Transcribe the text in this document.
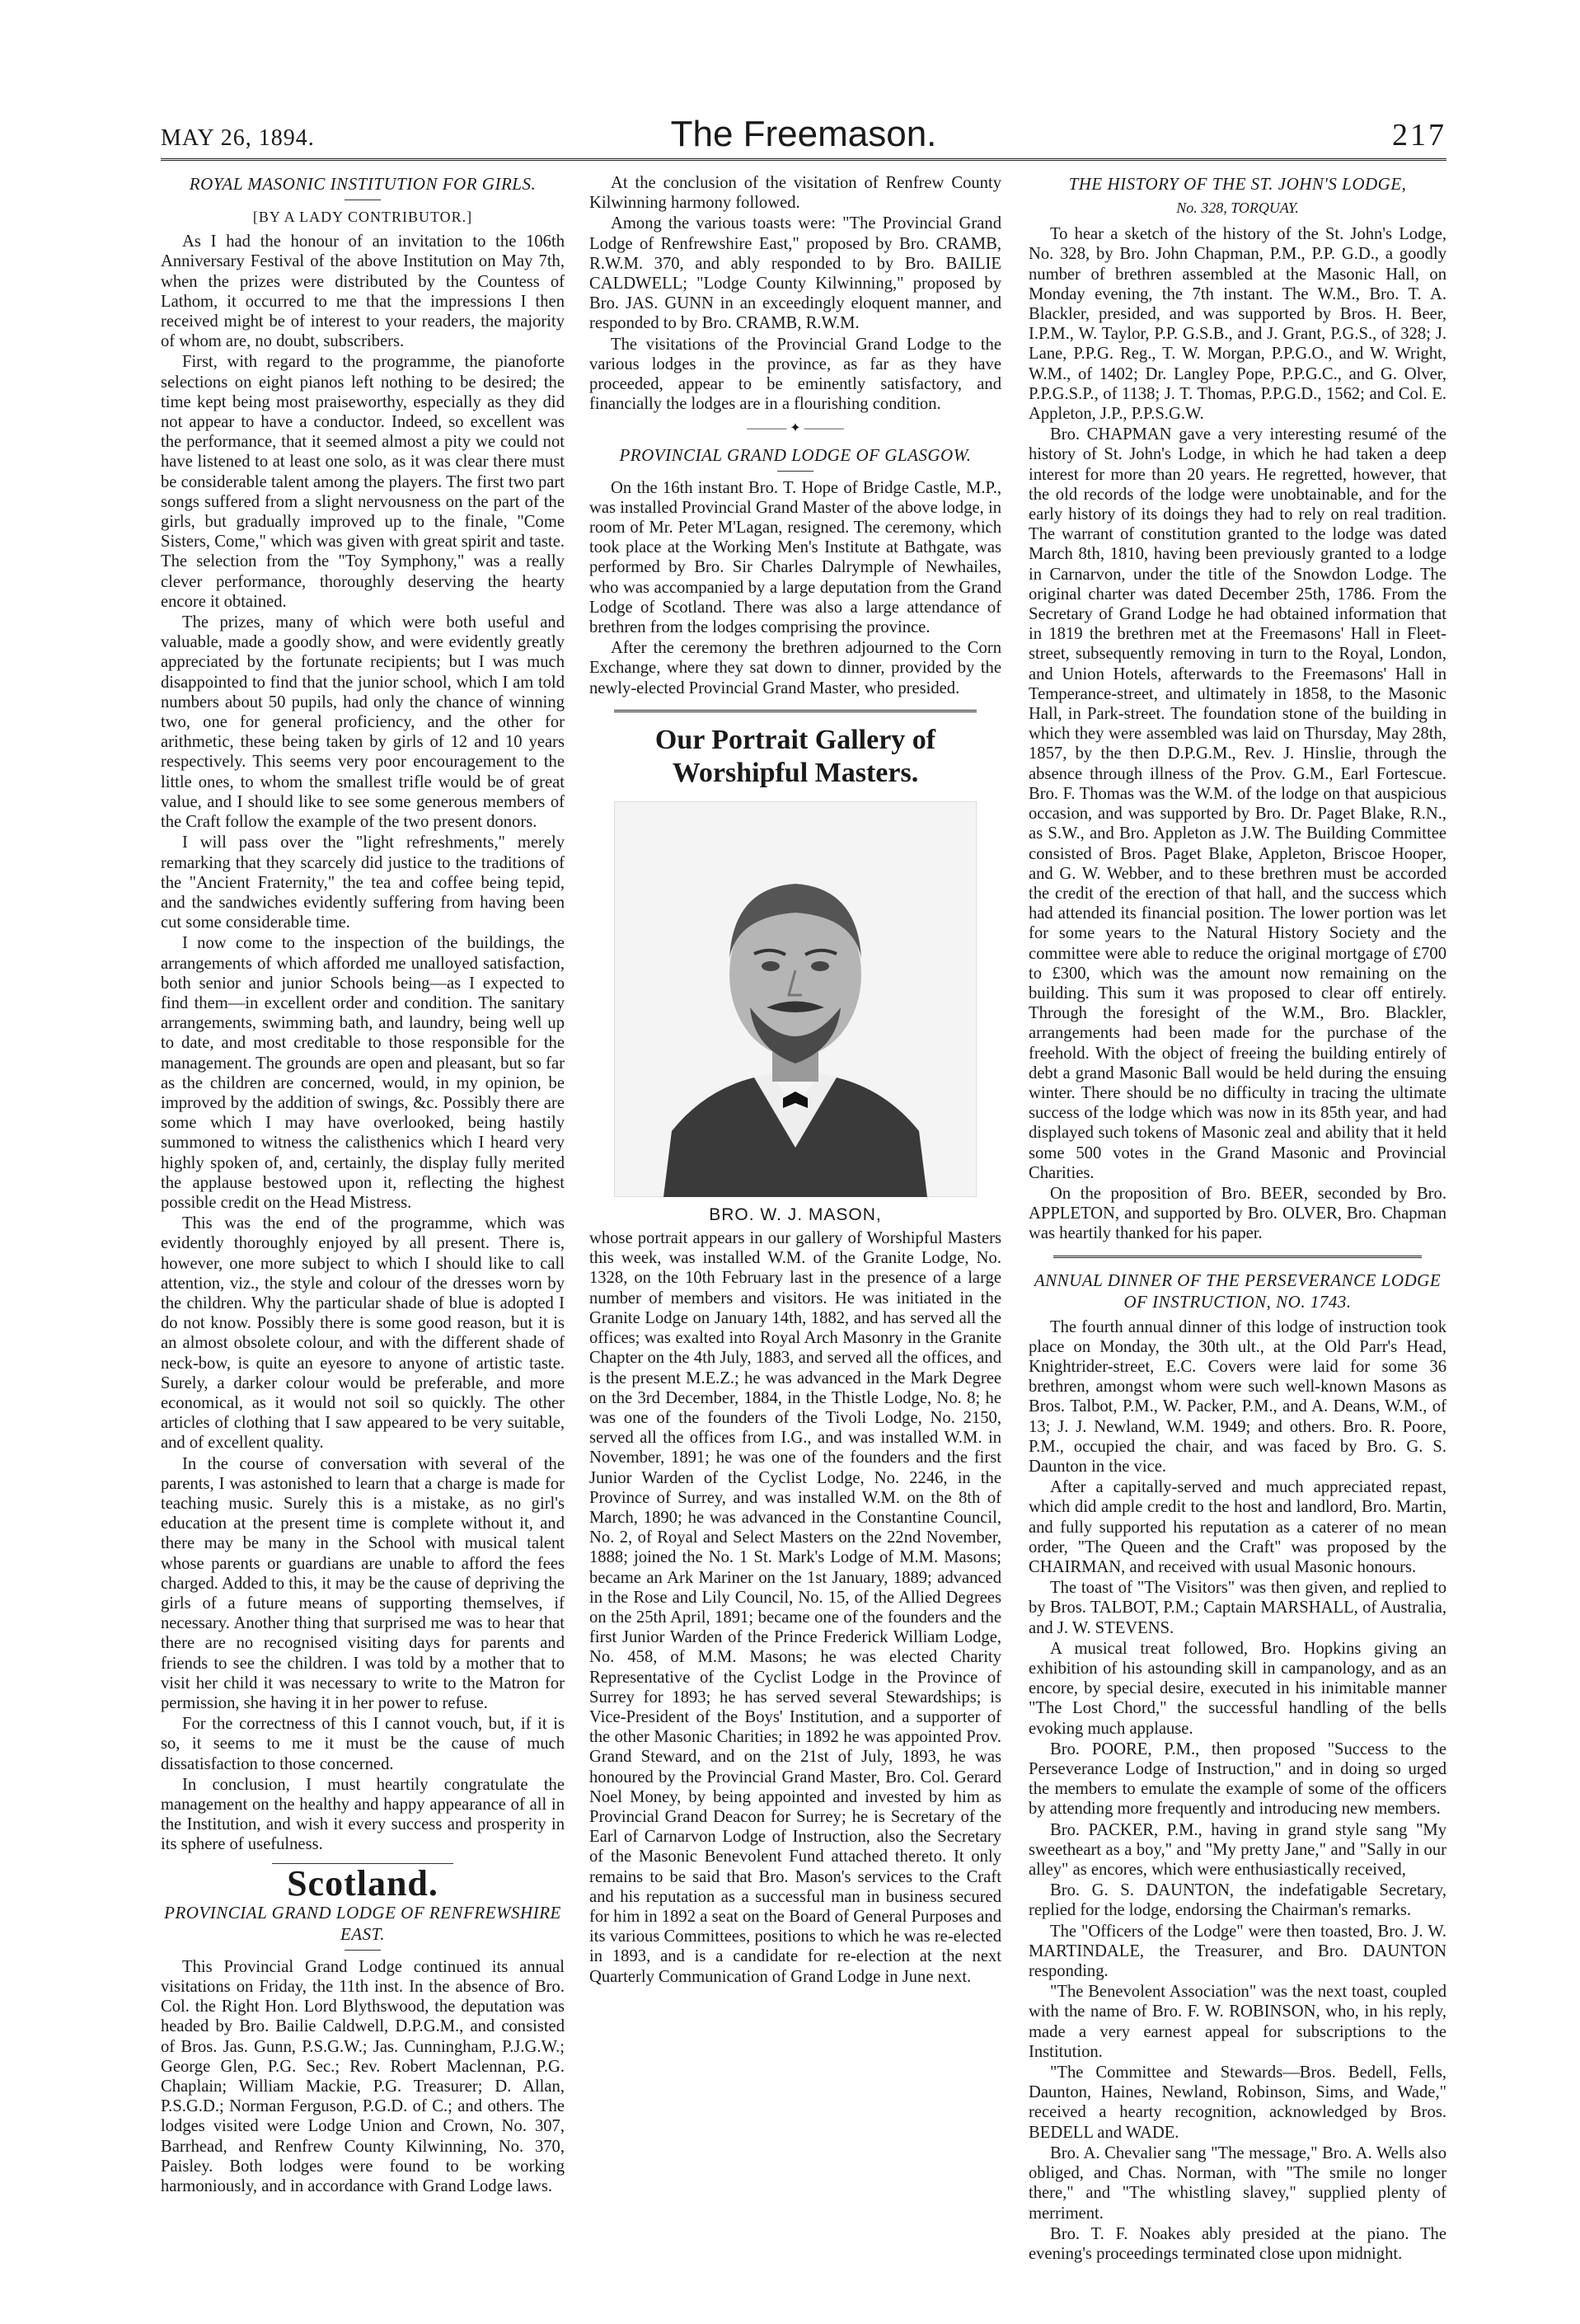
MAY 26, 1894.	The Freemason.	217
ROYAL MASONIC INSTITUTION FOR GIRLS.
[BY A LADY CONTRIBUTOR.]

As I had the honour of an invitation to the 106th Anniversary Festival of the above Institution on May 7th, when the prizes were distributed by the Countess of Lathom, it occurred to me that the impressions I then received might be of interest to your readers, the majority of whom are, no doubt, subscribers.

First, with regard to the programme, the pianoforte selections on eight pianos left nothing to be desired; the time kept being most praiseworthy, especially as they did not appear to have a conductor. Indeed, so excellent was the performance, that it seemed almost a pity we could not have listened to at least one solo, as it was clear there must be considerable talent among the players. The first two part songs suffered from a slight nervousness on the part of the girls, but gradually improved up to the finale, "Come Sisters, Come," which was given with great spirit and taste. The selection from the "Toy Symphony," was a really clever performance, thoroughly deserving the hearty encore it obtained.

The prizes, many of which were both useful and valuable, made a goodly show, and were evidently greatly appreciated by the fortunate recipients; but I was much disappointed to find that the junior school, which I am told numbers about 50 pupils, had only the chance of winning two, one for general proficiency, and the other for arithmetic, these being taken by girls of 12 and 10 years respectively. This seems very poor encouragement to the little ones, to whom the smallest trifle would be of great value, and I should like to see some generous members of the Craft follow the example of the two present donors.

I will pass over the "light refreshments," merely remarking that they scarcely did justice to the traditions of the "Ancient Fraternity," the tea and coffee being tepid, and the sandwiches evidently suffering from having been cut some considerable time.

I now come to the inspection of the buildings, the arrangements of which afforded me unalloyed satisfaction, both senior and junior Schools being—as I expected to find them—in excellent order and condition. The sanitary arrangements, swimming bath, and laundry, being well up to date, and most creditable to those responsible for the management. The grounds are open and pleasant, but so far as the children are concerned, would, in my opinion, be improved by the addition of swings, &c. Possibly there are some which I may have overlooked, being hastily summoned to witness the calisthenics which I heard very highly spoken of, and, certainly, the display fully merited the applause bestowed upon it, reflecting the highest possible credit on the Head Mistress.

This was the end of the programme, which was evidently thoroughly enjoyed by all present. There is, however, one more subject to which I should like to call attention, viz., the style and colour of the dresses worn by the children. Why the particular shade of blue is adopted I do not know. Possibly there is some good reason, but it is an almost obsolete colour, and with the different shade of neck-bow, is quite an eyesore to anyone of artistic taste. Surely, a darker colour would be preferable, and more economical, as it would not soil so quickly. The other articles of clothing that I saw appeared to be very suitable, and of excellent quality.

In the course of conversation with several of the parents, I was astonished to learn that a charge is made for teaching music. Surely this is a mistake, as no girl's education at the present time is complete without it, and there may be many in the School with musical talent whose parents or guardians are unable to afford the fees charged. Added to this, it may be the cause of depriving the girls of a future means of supporting themselves, if necessary. Another thing that surprised me was to hear that there are no recognised visiting days for parents and friends to see the children. I was told by a mother that to visit her child it was necessary to write to the Matron for permission, she having it in her power to refuse.

For the correctness of this I cannot vouch, but, if it is so, it seems to me it must be the cause of much dissatisfaction to those concerned.

In conclusion, I must heartily congratulate the management on the healthy and happy appearance of all in the Institution, and wish it every success and prosperity in its sphere of usefulness.

Scotland.
PROVINCIAL GRAND LODGE OF RENFREWSHIRE EAST.

This Provincial Grand Lodge continued its annual visitations on Friday, the 11th inst. In the absence of Bro. Col. the Right Hon. Lord Blythswood, the deputation was headed by Bro. Bailie Caldwell, D.P.G.M., and consisted of Bros. Jas. Gunn, P.S.G.W.; Jas. Cunningham, P.J.G.W.; George Glen, P.G. Sec.; Rev. Robert Maclennan, P.G. Chaplain; William Mackie, P.G. Treasurer; D. Allan, P.S.G.D.; Norman Ferguson, P.G.D. of C.; and others. The lodges visited were Lodge Union and Crown, No. 307, Barrhead, and Renfrew County Kilwinning, No. 370, Paisley. Both lodges were found to be working harmoniously, and in accordance with Grand Lodge laws.

At the conclusion of the visitation of Renfrew County Kilwinning harmony followed.

Among the various toasts were: "The Provincial Grand Lodge of Renfrewshire East," proposed by Bro. CRAMB, R.W.M. 370, and ably responded to by Bro. BAILIE CALDWELL; "Lodge County Kilwinning," proposed by Bro. JAS. GUNN in an exceedingly eloquent manner, and responded to by Bro. CRAMB, R.W.M.

The visitations of the Provincial Grand Lodge to the various lodges in the province, as far as they have proceeded, appear to be eminently satisfactory, and financially the lodges are in a flourishing condition.

——— ✦ ———
PROVINCIAL GRAND LODGE OF GLASGOW.

On the 16th instant Bro. T. Hope of Bridge Castle, M.P., was installed Provincial Grand Master of the above lodge, in room of Mr. Peter M'Lagan, resigned. The ceremony, which took place at the Working Men's Institute at Bathgate, was performed by Bro. Sir Charles Dalrymple of Newhailes, who was accompanied by a large deputation from the Grand Lodge of Scotland. There was also a large attendance of brethren from the lodges comprising the province.

After the ceremony the brethren adjourned to the Corn Exchange, where they sat down to dinner, provided by the newly-elected Provincial Grand Master, who presided.

Our Portrait Gallery of Worshipful Masters.
BRO. W. J. MASON,

whose portrait appears in our gallery of Worshipful Masters this week, was installed W.M. of the Granite Lodge, No. 1328, on the 10th February last in the presence of a large number of members and visitors. He was initiated in the Granite Lodge on January 14th, 1882, and has served all the offices; was exalted into Royal Arch Masonry in the Granite Chapter on the 4th July, 1883, and served all the offices, and is the present M.E.Z.; he was advanced in the Mark Degree on the 3rd December, 1884, in the Thistle Lodge, No. 8; he was one of the founders of the Tivoli Lodge, No. 2150, served all the offices from I.G., and was installed W.M. in November, 1891; he was one of the founders and the first Junior Warden of the Cyclist Lodge, No. 2246, in the Province of Surrey, and was installed W.M. on the 8th of March, 1890; he was advanced in the Constantine Council, No. 2, of Royal and Select Masters on the 22nd November, 1888; joined the No. 1 St. Mark's Lodge of M.M. Masons; became an Ark Mariner on the 1st January, 1889; advanced in the Rose and Lily Council, No. 15, of the Allied Degrees on the 25th April, 1891; became one of the founders and the first Junior Warden of the Prince Frederick William Lodge, No. 458, of M.M. Masons; he was elected Charity Representative of the Cyclist Lodge in the Province of Surrey for 1893; he has served several Stewardships; is Vice-President of the Boys' Institution, and a supporter of the other Masonic Charities; in 1892 he was appointed Prov. Grand Steward, and on the 21st of July, 1893, he was honoured by the Provincial Grand Master, Bro. Col. Gerard Noel Money, by being appointed and invested by him as Provincial Grand Deacon for Surrey; he is Secretary of the Earl of Carnarvon Lodge of Instruction, also the Secretary of the Masonic Benevolent Fund attached thereto. It only remains to be said that Bro. Mason's services to the Craft and his reputation as a successful man in business secured for him in 1892 a seat on the Board of General Purposes and its various Committees, positions to which he was re-elected in 1893, and is a candidate for re-election at the next Quarterly Communication of Grand Lodge in June next.

THE HISTORY OF THE ST. JOHN'S LODGE,
No. 328, TORQUAY.

To hear a sketch of the history of the St. John's Lodge, No. 328, by Bro. John Chapman, P.M., P.P. G.D., a goodly number of brethren assembled at the Masonic Hall, on Monday evening, the 7th instant. The W.M., Bro. T. A. Blackler, presided, and was supported by Bros. H. Beer, I.P.M., W. Taylor, P.P. G.S.B., and J. Grant, P.G.S., of 328; J. Lane, P.P.G. Reg., T. W. Morgan, P.P.G.O., and W. Wright, W.M., of 1402; Dr. Langley Pope, P.P.G.C., and G. Olver, P.P.G.S.P., of 1138; J. T. Thomas, P.P.G.D., 1562; and Col. E. Appleton, J.P., P.P.S.G.W.

Bro. CHAPMAN gave a very interesting resumé of the history of St. John's Lodge, in which he had taken a deep interest for more than 20 years. He regretted, however, that the old records of the lodge were unobtainable, and for the early history of its doings they had to rely on real tradition. The warrant of constitution granted to the lodge was dated March 8th, 1810, having been previously granted to a lodge in Carnarvon, under the title of the Snowdon Lodge. The original charter was dated December 25th, 1786. From the Secretary of Grand Lodge he had obtained information that in 1819 the brethren met at the Freemasons' Hall in Fleet-street, subsequently removing in turn to the Royal, London, and Union Hotels, afterwards to the Freemasons' Hall in Temperance-street, and ultimately in 1858, to the Masonic Hall, in Park-street. The foundation stone of the building in which they were assembled was laid on Thursday, May 28th, 1857, by the then D.P.G.M., Rev. J. Hinslie, through the absence through illness of the Prov. G.M., Earl Fortescue. Bro. F. Thomas was the W.M. of the lodge on that auspicious occasion, and was supported by Bro. Dr. Paget Blake, R.N., as S.W., and Bro. Appleton as J.W. The Building Committee consisted of Bros. Paget Blake, Appleton, Briscoe Hooper, and G. W. Webber, and to these brethren must be accorded the credit of the erection of that hall, and the success which had attended its financial position. The lower portion was let for some years to the Natural History Society and the committee were able to reduce the original mortgage of £700 to £300, which was the amount now remaining on the building. This sum it was proposed to clear off entirely. Through the foresight of the W.M., Bro. Blackler, arrangements had been made for the purchase of the freehold. With the object of freeing the building entirely of debt a grand Masonic Ball would be held during the ensuing winter. There should be no difficulty in tracing the ultimate success of the lodge which was now in its 85th year, and had displayed such tokens of Masonic zeal and ability that it held some 500 votes in the Grand Masonic and Provincial Charities.

On the proposition of Bro. BEER, seconded by Bro. APPLETON, and supported by Bro. OLVER, Bro. Chapman was heartily thanked for his paper.

ANNUAL DINNER OF THE PERSEVERANCE LODGE OF INSTRUCTION, NO. 1743.

The fourth annual dinner of this lodge of instruction took place on Monday, the 30th ult., at the Old Parr's Head, Knightrider-street, E.C. Covers were laid for some 36 brethren, amongst whom were such well-known Masons as Bros. Talbot, P.M., W. Packer, P.M., and A. Deans, W.M., of 13; J. J. Newland, W.M. 1949; and others. Bro. R. Poore, P.M., occupied the chair, and was faced by Bro. G. S. Daunton in the vice.

After a capitally-served and much appreciated repast, which did ample credit to the host and landlord, Bro. Martin, and fully supported his reputation as a caterer of no mean order, "The Queen and the Craft" was proposed by the CHAIRMAN, and received with usual Masonic honours.

The toast of "The Visitors" was then given, and replied to by Bros. TALBOT, P.M.; Captain MARSHALL, of Australia, and J. W. STEVENS.

A musical treat followed, Bro. Hopkins giving an exhibition of his astounding skill in campanology, and as an encore, by special desire, executed in his inimitable manner "The Lost Chord," the successful handling of the bells evoking much applause.

Bro. POORE, P.M., then proposed "Success to the Perseverance Lodge of Instruction," and in doing so urged the members to emulate the example of some of the officers by attending more frequently and introducing new members.

Bro. PACKER, P.M., having in grand style sang "My sweetheart as a boy," and "My pretty Jane," and "Sally in our alley" as encores, which were enthusiastically received,

Bro. G. S. DAUNTON, the indefatigable Secretary, replied for the lodge, endorsing the Chairman's remarks.

The "Officers of the Lodge" were then toasted, Bro. J. W. MARTINDALE, the Treasurer, and Bro. DAUNTON responding.

"The Benevolent Association" was the next toast, coupled with the name of Bro. F. W. ROBINSON, who, in his reply, made a very earnest appeal for subscriptions to the Institution.

"The Committee and Stewards—Bros. Bedell, Fells, Daunton, Haines, Newland, Robinson, Sims, and Wade," received a hearty recognition, acknowledged by Bros. BEDELL and WADE.

Bro. A. Chevalier sang "The message," Bro. A. Wells also obliged, and Chas. Norman, with "The smile no longer there," and "The whistling slavey," supplied plenty of merriment.

Bro. T. F. Noakes ably presided at the piano. The evening's proceedings terminated close upon midnight.
